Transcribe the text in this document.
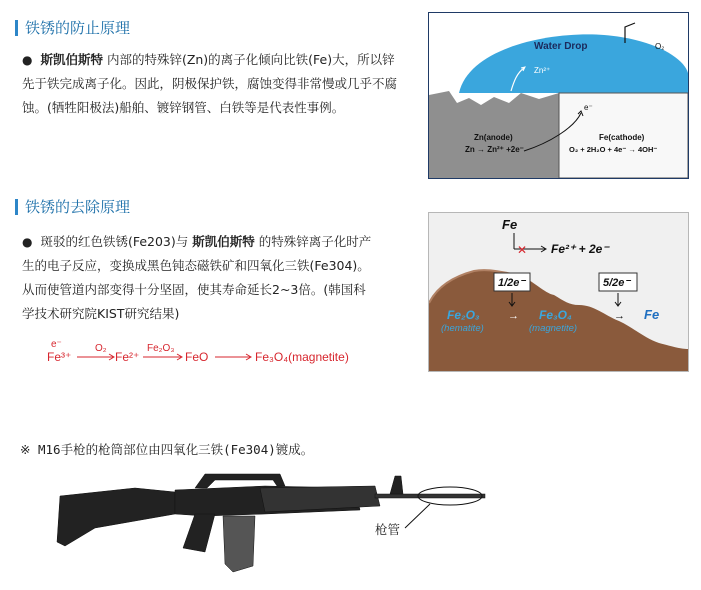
铁锈的防止原理
● 斯凯伯斯特 内部的特殊锌(Zn)的离子化倾向比铁(Fe)大，所以锌
先于铁完成离子化。因此，阴极保护铁，腐蚀变得非常慢或几乎不腐
蚀。(牺牲阳极法)船舶、镀锌钢管、白铁等是代表性事例。
Water Drop	O₂
Zn²⁺
e⁻
Zn(anode)
Zn → Zn²⁺ +2e⁻
Fe(cathode)
O₂ + 2H₂O + 4e⁻ → 4OH⁻
铁锈的去除原理
● 斑驳的红色铁锈(Fe203)与 斯凯伯斯特 的特殊锌离子化时产
生的电子反应，变换成黑色钝态磁铁矿和四氧化三铁(Fe304)。
从而使管道内部变得十分坚固，使其寿命延长2~3倍。(韩国科
学技术研究院KIST研究结果)
e⁻
Fe³⁺
O₂
Fe²⁺
Fe₂O₃
FeO	Fe₃O₄(magnetite)
Fe
✕ Fe²⁺ + 2e⁻
1/2e⁻	5/2e⁻
Fe₂O₃
(hematite)
→ Fe₃O₄
(magnetite)
→ Fe
※ M16手枪的枪筒部位由四氧化三铁(Fe304)镀成。
枪管
